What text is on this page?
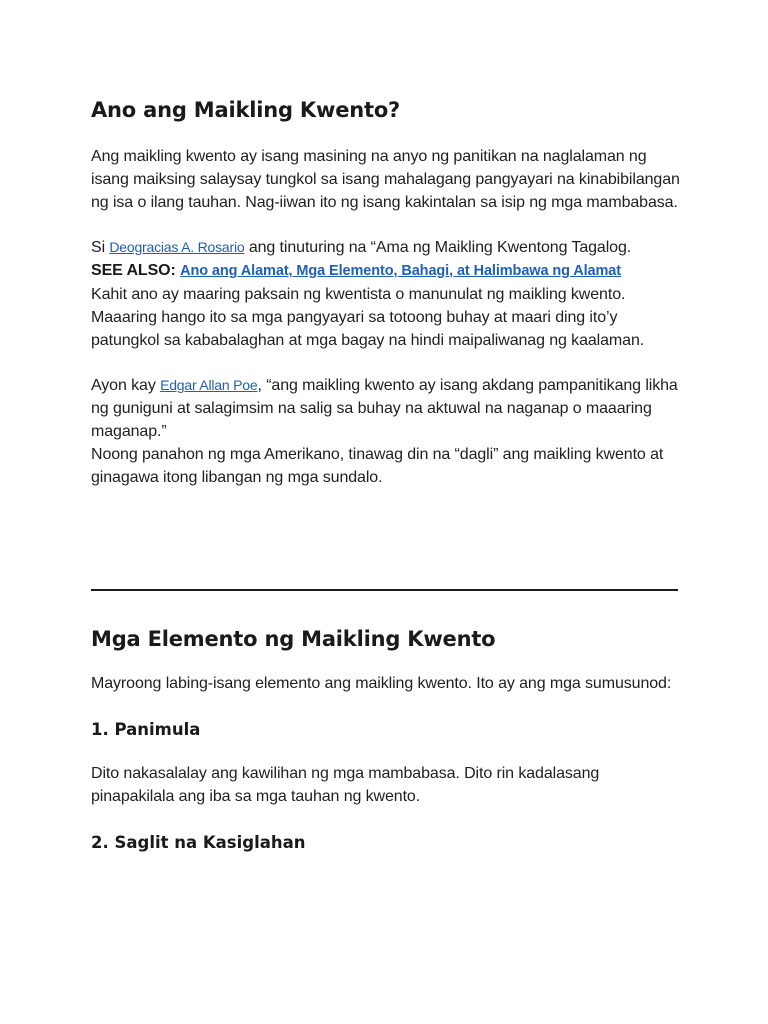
Ano ang Maikling Kwento?

Ang maikling kwento ay isang masining na anyo ng panitikan na naglalaman ng isang maiksing salaysay tungkol sa isang mahalagang pangyayari na kinabibilangan ng isa o ilang tauhan. Nag-iiwan ito ng isang kakintalan sa isip ng mga mambabasa.

Si Deogracias A. Rosario ang tinuturing na “Ama ng Maikling Kwentong Tagalog.

SEE ALSO: Ano ang Alamat, Mga Elemento, Bahagi, at Halimbawa ng Alamat

Kahit ano ay maaring paksain ng kwentista o manunulat ng maikling kwento. Maaaring hango ito sa mga pangyayari sa totoong buhay at maari ding ito’y patungkol sa kababalaghan at mga bagay na hindi maipaliwanag ng kaalaman.

Ayon kay Edgar Allan Poe, “ang maikling kwento ay isang akdang pampanitikang likha ng guniguni at salagimsim na salig sa buhay na aktuwal na naganap o maaaring maganap.”

Noong panahon ng mga Amerikano, tinawag din na “dagli” ang maikling kwento at ginagawa itong libangan ng mga sundalo.

Mga Elemento ng Maikling Kwento

Mayroong labing-isang elemento ang maikling kwento. Ito ay ang mga sumusunod:

1. Panimula

Dito nakasalalay ang kawilihan ng mga mambabasa. Dito rin kadalasang pinapakilala ang iba sa mga tauhan ng kwento.

2. Saglit na Kasiglahan
